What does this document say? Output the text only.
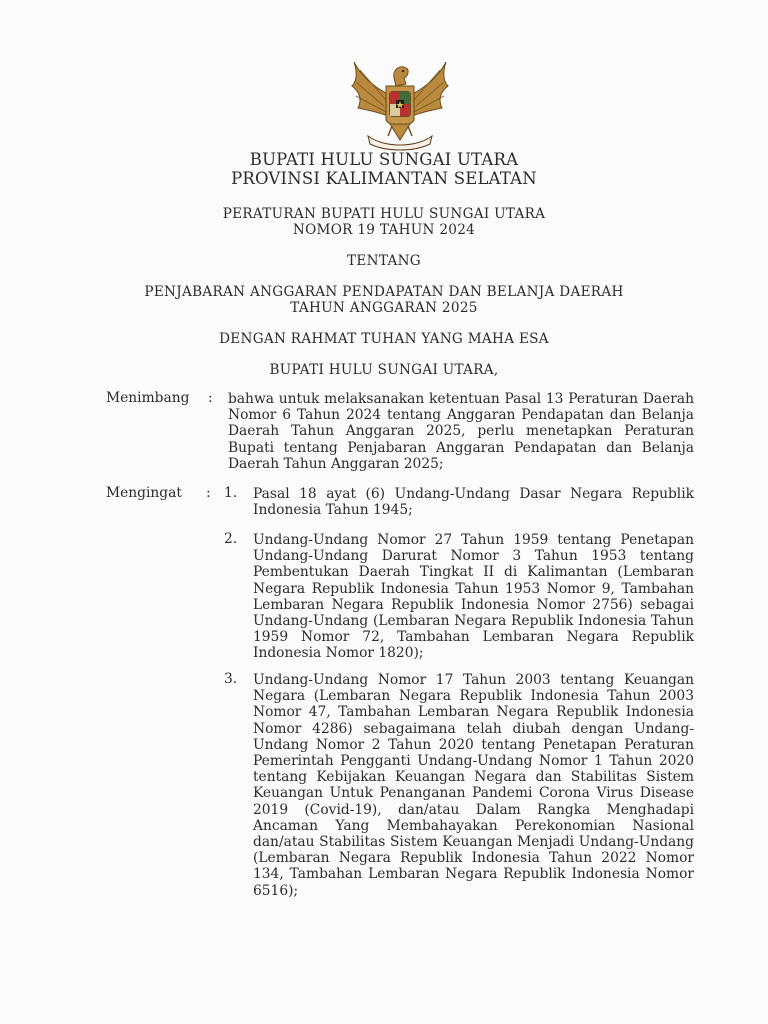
BUPATI HULU SUNGAI UTARA
PROVINSI KALIMANTAN SELATAN
PERATURAN BUPATI HULU SUNGAI UTARA
NOMOR 19 TAHUN 2024
TENTANG
PENJABARAN ANGGARAN PENDAPATAN DAN BELANJA DAERAH
TAHUN ANGGARAN 2025
DENGAN RAHMAT TUHAN YANG MAHA ESA
BUPATI HULU SUNGAI UTARA,
Menimbang : bahwa untuk melaksanakan ketentuan Pasal 13 Peraturan Daerah Nomor 6 Tahun 2024 tentang Anggaran Pendapatan dan Belanja Daerah Tahun Anggaran 2025, perlu menetapkan Peraturan Bupati tentang Penjabaran Anggaran Pendapatan dan Belanja Daerah Tahun Anggaran 2025;

Mengingat : 1. Pasal 18 ayat (6) Undang-Undang Dasar Negara Republik Indonesia Tahun 1945;

2. Undang-Undang Nomor 27 Tahun 1959 tentang Penetapan Undang-Undang Darurat Nomor 3 Tahun 1953 tentang Pembentukan Daerah Tingkat II di Kalimantan (Lembaran Negara Republik Indonesia Tahun 1953 Nomor 9, Tambahan Lembaran Negara Republik Indonesia Nomor 2756) sebagai Undang-Undang (Lembaran Negara Republik Indonesia Tahun 1959 Nomor 72, Tambahan Lembaran Negara Republik Indonesia Nomor 1820);

3. Undang-Undang Nomor 17 Tahun 2003 tentang Keuangan Negara (Lembaran Negara Republik Indonesia Tahun 2003 Nomor 47, Tambahan Lembaran Negara Republik Indonesia Nomor 4286) sebagaimana telah diubah dengan Undang-Undang Nomor 2 Tahun 2020 tentang Penetapan Peraturan Pemerintah Pengganti Undang-Undang Nomor 1 Tahun 2020 tentang Kebijakan Keuangan Negara dan Stabilitas Sistem Keuangan Untuk Penanganan Pandemi Corona Virus Disease 2019 (Covid-19), dan/atau Dalam Rangka Menghadapi Ancaman Yang Membahayakan Perekonomian Nasional dan/atau Stabilitas Sistem Keuangan Menjadi Undang-Undang (Lembaran Negara Republik Indonesia Tahun 2022 Nomor 134, Tambahan Lembaran Negara Republik Indonesia Nomor 6516);
